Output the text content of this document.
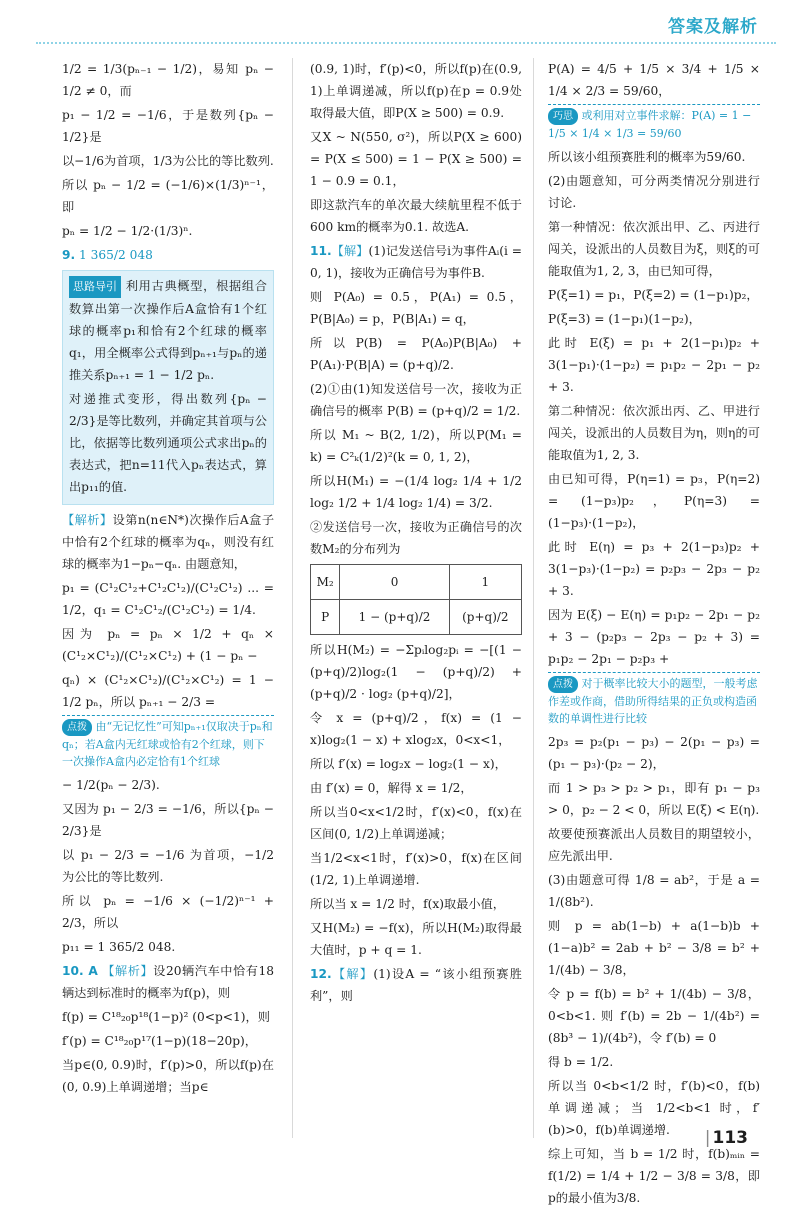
答案及解析

1/2 = 1/3(pₙ₋₁ − 1/2)，易知 pₙ − 1/2 ≠ 0，而

p₁ − 1/2 = −1/6，于是数列{pₙ − 1/2}是

以−1/6为首项，1/3为公比的等比数列.

所以 pₙ − 1/2 = (−1/6)×(1/3)ⁿ⁻¹，即

pₙ = 1/2 − 1/2·(1/3)ⁿ.

9. 1 365/2 048

思路导引 利用古典概型，根据组合数算出第一次操作后A盒恰有1个红球的概率p₁和恰有2个红球的概率q₁，用全概率公式得到pₙ₊₁与pₙ的递推关系pₙ₊₁ = 1 − 1/2 pₙ.

对递推式变形，得出数列{pₙ − 2/3}是等比数列，并确定其首项与公比，依据等比数列通项公式求出pₙ的表达式，把n=11代入pₙ表达式，算出p₁₁的值.

【解析】设第n(n∈N*)次操作后A盒子中恰有2个红球的概率为qₙ，则没有红球的概率为1−pₙ−qₙ. 由题意知，

p₁ = (C¹₂C¹₂+C¹₂C¹₂)/(C¹₂C¹₂) ... = 1/2，q₁ = C¹₂C¹₂/(C¹₂C¹₂) = 1/4.

因为 pₙ = pₙ × 1/2 + qₙ × (C¹₂×C¹₂)/(C¹₂×C¹₂) + (1 − pₙ −

qₙ) × (C¹₂×C¹₂)/(C¹₂×C¹₂) = 1 − 1/2 pₙ，所以 pₙ₊₁ − 2/3 =

点拨 由“无记忆性”可知pₙ₊₁仅取决于pₙ和qₙ；若A盒内无红球或恰有2个红球，则下一次操作A盒内必定恰有1个红球

− 1/2(pₙ − 2/3).

又因为 p₁ − 2/3 = −1/6，所以{pₙ − 2/3}是

以 p₁ − 2/3 = −1/6 为首项，−1/2 为公比的等比数列.

所以 pₙ = −1/6 × (−1/2)ⁿ⁻¹ + 2/3，所以

p₁₁ = 1 365/2 048.

10. A 【解析】设20辆汽车中恰有18辆达到标准时的概率为f(p)，则

f(p) = C¹⁸₂₀p¹⁸(1−p)² (0<p<1)，则

f′(p) = C¹⁸₂₀p¹⁷(1−p)(18−20p)，

当p∈(0, 0.9)时，f′(p)>0，所以f(p)在(0, 0.9)上单调递增；当p∈

(0.9, 1)时，f′(p)<0，所以f(p)在(0.9, 1)上单调递减，所以f(p)在p = 0.9处取得最大值，即P(X ≥ 500) = 0.9.

又X ~ N(550, σ²)，所以P(X ≥ 600) = P(X ≤ 500) = 1 − P(X ≥ 500) = 1 − 0.9 = 0.1，

即这款汽车的单次最大续航里程不低于600 km的概率为0.1. 故选A.

11.【解】(1)记发送信号i为事件Aᵢ(i = 0, 1)，接收为正确信号为事件B.

则 P(A₀) = 0.5，P(A₁) = 0.5，P(B|A₀) = p，P(B|A₁) = q，

所以P(B) = P(A₀)P(B|A₀) + P(A₁)·P(B|A) = (p+q)/2.

(2)①由(1)知发送信号一次，接收为正确信号的概率 P(B) = (p+q)/2 = 1/2.

所以 M₁ ~ B(2, 1/2)，所以P(M₁ = k) = C²ₖ(1/2)²(k = 0, 1, 2)，

所以H(M₁) = −(1/4 log₂ 1/4 + 1/2 log₂ 1/2 + 1/4 log₂ 1/4) = 3/2.

②发送信号一次，接收为正确信号的次数M₂的分布列为

M₂	0	1
P	1 − (p+q)/2	(p+q)/2

所以H(M₂) = −Σpᵢlog₂pᵢ = −[(1 − (p+q)/2)log₂(1 − (p+q)/2) + (p+q)/2 · log₂ (p+q)/2]，

令 x = (p+q)/2，f(x) = (1 − x)log₂(1 − x) + xlog₂x，0<x<1，

所以 f′(x) = log₂x − log₂(1 − x)，

由 f′(x) = 0，解得 x = 1/2，

所以当0<x<1/2时，f′(x)<0，f(x)在区间(0, 1/2)上单调递减；

当1/2<x<1时，f′(x)>0，f(x)在区间(1/2, 1)上单调递增.

所以当 x = 1/2 时，f(x)取最小值，

又H(M₂) = −f(x)，所以H(M₂)取得最大值时，p + q = 1.

12.【解】(1)设A = “该小组预赛胜利”，则

P(A) = 4/5 + 1/5 × 3/4 + 1/5 × 1/4 × 2/3 = 59/60，

巧思 或利用对立事件求解：P(A) = 1 − 1/5 × 1/4 × 1/3 = 59/60

所以该小组预赛胜利的概率为59/60.

(2)由题意知，可分两类情况分别进行讨论.

第一种情况：依次派出甲、乙、丙进行闯关，设派出的人员数目为ξ，则ξ的可能取值为1, 2, 3，由已知可得，

P(ξ=1) = p₁，P(ξ=2) = (1−p₁)p₂，

P(ξ=3) = (1−p₁)(1−p₂)，

此时 E(ξ) = p₁ + 2(1−p₁)p₂ + 3(1−p₁)·(1−p₂) = p₁p₂ − 2p₁ − p₂ + 3.

第二种情况：依次派出丙、乙、甲进行闯关，设派出的人员数目为η，则η的可能取值为1, 2, 3.

由已知可得，P(η=1) = p₃，P(η=2) = (1−p₃)p₂，P(η=3) = (1−p₃)·(1−p₂)，

此时 E(η) = p₃ + 2(1−p₃)p₂ + 3(1−p₃)·(1−p₂) = p₂p₃ − 2p₃ − p₂ + 3.

因为 E(ξ) − E(η) = p₁p₂ − 2p₁ − p₂ + 3 − (p₂p₃ − 2p₃ − p₂ + 3) = p₁p₂ − 2p₁ − p₂p₃ +

点拨 对于概率比较大小的题型，一般考虑作差或作商，借助所得结果的正负或构造函数的单调性进行比较

2p₃ = p₂(p₁ − p₃) − 2(p₁ − p₃) = (p₁ − p₃)·(p₂ − 2)，

而 1 > p₃ > p₂ > p₁，即有 p₁ − p₃ > 0，p₂ − 2 < 0，所以 E(ξ) < E(η).

故要使预赛派出人员数目的期望较小，应先派出甲.

(3)由题意可得 1/8 = ab²，于是 a = 1/(8b²).

则 p = ab(1−b) + a(1−b)b + (1−a)b² = 2ab + b² − 3/8 = b² + 1/(4b) − 3/8，

令 p = f(b) = b² + 1/(4b) − 3/8，0<b<1. 则 f′(b) = 2b − 1/(4b²) = (8b³ − 1)/(4b²)，令 f′(b) = 0

得 b = 1/2.

所以当 0<b<1/2 时，f′(b)<0，f(b)单调递减；当 1/2<b<1 时，f′(b)>0，f(b)单调递增.

综上可知，当 b = 1/2 时，f(b)ₘᵢₙ = f(1/2) = 1/4 + 1/2 − 3/8 = 3/8，即p的最小值为3/8.

| 113
